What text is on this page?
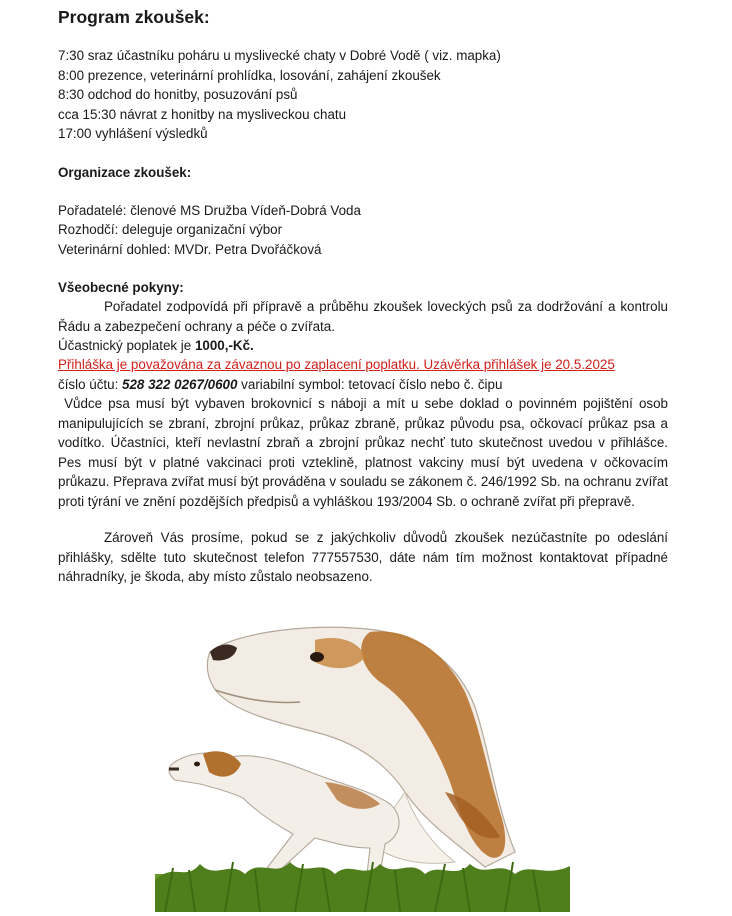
Program zkoušek:

7:30 sraz účastníku poháru u myslivecké chaty v Dobré Vodě ( viz. mapka)

8:00 prezence, veterinární prohlídka, losování, zahájení zkoušek

8:30 odchod do honitby, posuzování psů

cca 15:30 návrat z honitby na mysliveckou chatu

17:00 vyhlášení výsledků

Organizace zkoušek:

Pořadatelé: členové MS Družba Vídeň-Dobrá Voda

Rozhodčí: deleguje organizační výbor

Veterinární dohled: MVDr. Petra Dvořáčková

Všeobecné pokyny:

Pořadatel zodpovídá při přípravě a průběhu zkoušek loveckých psů za dodržování a kontrolu Řádu a zabezpečení ochrany a péče o zvířata.

Účastnický poplatek je 1000,-Kč.

Přihláška je považována za závaznou po zaplacení poplatku. Uzávěrka přihlášek je 20.5.2025

číslo účtu: 528 322 0267/0600 variabilní symbol: tetovací číslo nebo č. čipu

Vůdce psa musí být vybaven brokovnicí s náboji a mít u sebe doklad o povinném pojištění osob manipulujících se zbraní, zbrojní průkaz, průkaz zbraně, průkaz původu psa, očkovací průkaz psa a vodítko. Účastníci, kteří nevlastní zbraň a zbrojní průkaz nechť tuto skutečnost uvedou v přihlášce.  Pes musí být v platné vakcinaci proti vzteklině, platnost vakciny musí být uvedena v očkovacím průkazu. Přeprava zvířat musí být prováděna v souladu se zákonem č. 246/1992 Sb. na ochranu zvířat proti týrání ve znění pozdějších předpisů a vyhláškou 193/2004 Sb. o ochraně zvířat při přepravě.

Zároveň Vás prosíme, pokud se z jakýchkoliv důvodů zkoušek nezúčastníte po odeslání přihlášky, sdělte tuto skutečnost telefon 777557530, dáte nám tím možnost kontaktovat případné náhradníky, je škoda, aby místo zůstalo neobsazeno.
